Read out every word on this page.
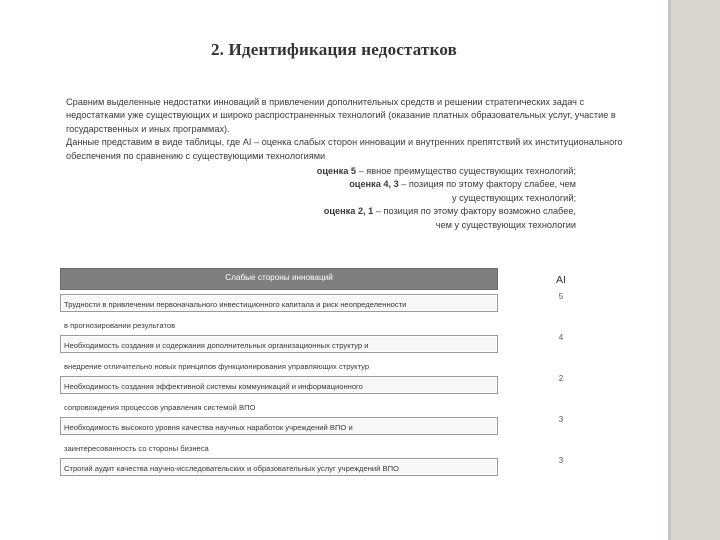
2. Идентификация недостатков

Сравним выделенные недостатки инноваций в привлечении дополнительных средств и решении стратегических задач с недостатками уже существующих и широко распространенных технологий (оказание платных образовательных услуг, участие в государственных и иных программах).

Данные представим в виде таблицы, где AI – оценка слабых сторон инновации и внутренних препятствий их институционального обеспечения по сравнению с существующими технологиями

оценка 5 – явное преимущество существующих технологий;

оценка 4, 3 – позиция по этому фактору слабее, чем

у существующих технологий;

оценка 2, 1 – позиция по этому фактору возможно слабее,

чем у существующих технологии

Слабые стороны инноваций	AI
Трудности в привлечении первоначального инвестиционного капитала и риск неопределенности
в прогнозировании результатов
5
Необходимость создания и содержания дополнительных организационных структур и
внедрение отличительно новых принципов функционирования управляющих структур
4
Необходимость создания эффективной системы коммуникаций и информационного
сопровождения процессов управления системой ВПО
2
Необходимость высокого уровня качества научных наработок учреждений ВПО и
заинтересованность со стороны бизнеса
3
Строгий аудит качества научно-исследовательских и образовательных услуг учреждений ВПО
3
